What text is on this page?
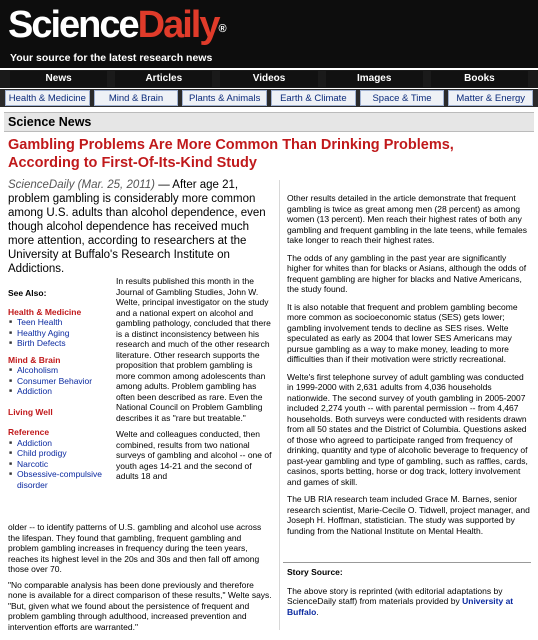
ScienceDaily®
Your source for the latest research news
News	Articles	Videos	Images	Books
Health & Medicine	Mind & Brain	Plants & Animals	Earth & Climate	Space & Time	Matter & Energy
Science News
Gambling Problems Are More Common Than Drinking Problems, According to First-Of-Its-Kind Study

ScienceDaily (Mar. 25, 2011) — After age 21, problem gambling is considerably more common among U.S. adults than alcohol dependence, even though alcohol dependence has received much more attention, according to researchers at the University at Buffalo's Research Institute on Addictions.

See Also:
Health & Medicine
■ Teen Health
■ Healthy Aging
■ Birth Defects
Mind & Brain
■ Alcoholism
■ Consumer Behavior
■ Addiction
Living Well
Reference
■ Addiction
■ Child prodigy
■ Narcotic
■ Obsessive-compulsive disorder

In results published this month in the Journal of Gambling Studies, John W. Welte, principal investigator on the study and a national expert on alcohol and gambling pathology, concluded that there is a distinct inconsistency between his research and much of the other research literature. Other research supports the proposition that problem gambling is more common among adolescents than among adults. Problem gambling has often been described as rare. Even the National Council on Problem Gambling describes it as "rare but treatable."

Welte and colleagues conducted, then combined, results from two national surveys of gambling and alcohol -- one of youth ages 14-21 and the second of adults 18 and

older -- to identify patterns of U.S. gambling and alcohol use across the lifespan. They found that gambling, frequent gambling and problem gambling increases in frequency during the teen years, reaches its highest level in the 20s and 30s and then fall off among those over 70.

"No comparable analysis has been done previously and therefore none is available for a direct comparison of these results," Welte says. "But, given what we found about the persistence of frequent and problem gambling through adulthood, increased prevention and intervention efforts are warranted."

Other results detailed in the article demonstrate that frequent gambling is twice as great among men (28 percent) as among women (13 percent). Men reach their highest rates of both any gambling and frequent gambling in the late teens, while females take longer to reach their highest rates.

The odds of any gambling in the past year are significantly higher for whites than for blacks or Asians, although the odds of frequent gambling are higher for blacks and Native Americans, the study found.

It is also notable that frequent and problem gambling become more common as socioeconomic status (SES) gets lower; gambling involvement tends to decline as SES rises. Welte speculated as early as 2004 that lower SES Americans may pursue gambling as a way to make money, leading to more difficulties than if their motivation were strictly recreational.

Welte's first telephone survey of adult gambling was conducted in 1999-2000 with 2,631 adults from 4,036 households nationwide. The second survey of youth gambling in 2005-2007 included 2,274 youth -- with parental permission -- from 4,467 households. Both surveys were conducted with residents drawn from all 50 states and the District of Columbia. Questions asked of those who agreed to participate ranged from frequency of drinking, quantity and type of alcoholic beverage to frequency of past-year gambling and type of gambling, such as raffles, cards, casinos, sports betting, horse or dog track, lottery involvement and games of skill.

The UB RIA research team included Grace M. Barnes, senior research scientist, Marie-Cecile O. Tidwell, project manager, and Joseph H. Hoffman, statistician. The study was supported by funding from the National Institute on Mental Health.

Story Source:

The above story is reprinted (with editorial adaptations by ScienceDaily staff) from materials provided by University at Buffalo.
